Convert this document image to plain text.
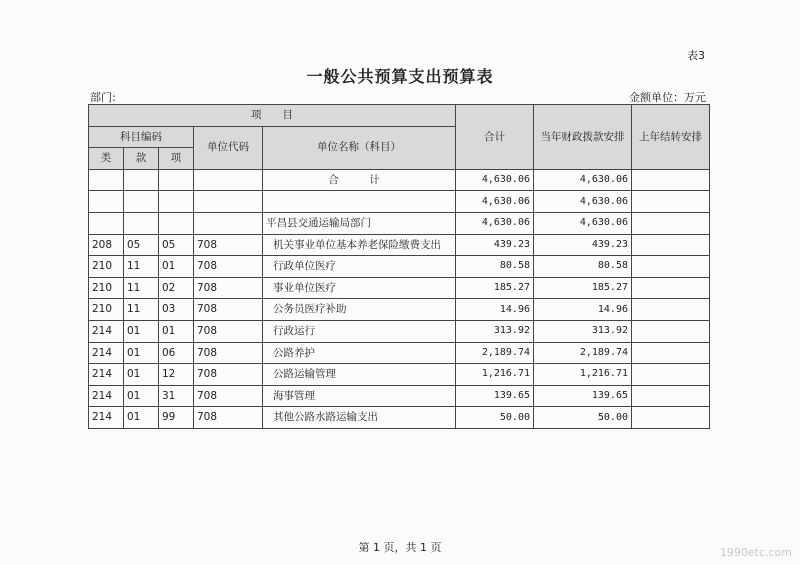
表3
一般公共预算支出预算表
部门:	金额单位：万元
项　　目					合计	当年财政拨款安排	上年结转安排
科目编码			单位代码	单位名称（科目）			
类	款	项					
				合　计	4,630.06	4,630.06	
					4,630.06	4,630.06	
				平昌县交通运输局部门	4,630.06	4,630.06	
208	05	05	708	机关事业单位基本养老保险缴费支出	439.23	439.23	
210	11	01	708	行政单位医疗	80.58	80.58	
210	11	02	708	事业单位医疗	185.27	185.27	
210	11	03	708	公务员医疗补助	14.96	14.96	
214	01	01	708	行政运行	313.92	313.92	
214	01	06	708	公路养护	2,189.74	2,189.74	
214	01	12	708	公路运输管理	1,216.71	1,216.71	
214	01	31	708	海事管理	139.65	139.65	
214	01	99	708	其他公路水路运输支出	50.00	50.00	
第 1 页，共 1 页	1990etc.com
